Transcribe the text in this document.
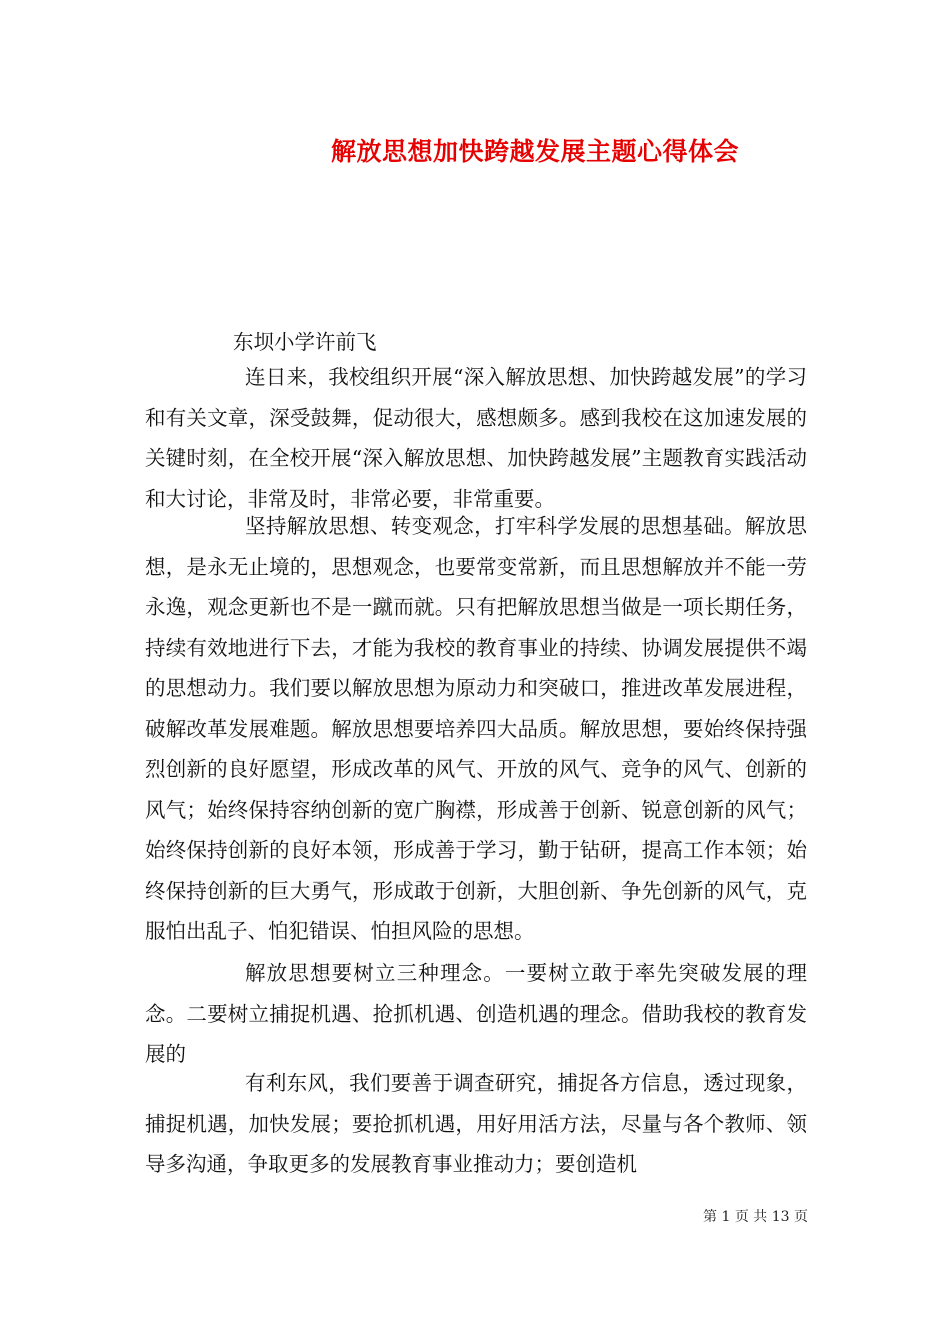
解放思想加快跨越发展主题心得体会
东坝小学许前飞
连日来，我校组织开展“深入解放思想、加快跨越发展”的学习和有关文章，深受鼓舞，促动很大，感想颇多。感到我校在这加速发展的关键时刻，在全校开展“深入解放思想、加快跨越发展”主题教育实践活动和大讨论，非常及时，非常必要，非常重要。
坚持解放思想、转变观念，打牢科学发展的思想基础。解放思想，是永无止境的，思想观念，也要常变常新，而且思想解放并不能一劳永逸，观念更新也不是一蹴而就。只有把解放思想当做是一项长期任务，持续有效地进行下去，才能为我校的教育事业的持续、协调发展提供不竭的思想动力。我们要以解放思想为原动力和突破口，推进改革发展进程，破解改革发展难题。解放思想要培养四大品质。解放思想，要始终保持强烈创新的良好愿望，形成改革的风气、开放的风气、竞争的风气、创新的风气；始终保持容纳创新的宽广胸襟，形成善于创新、锐意创新的风气；始终保持创新的良好本领，形成善于学习，勤于钻研，提高工作本领；始终保持创新的巨大勇气，形成敢于创新，大胆创新、争先创新的风气，克服怕出乱子、怕犯错误、怕担风险的思想。
解放思想要树立三种理念。一要树立敢于率先突破发展的理念。二要树立捕捉机遇、抢抓机遇、创造机遇的理念。借助我校的教育发展的
有利东风，我们要善于调查研究，捕捉各方信息，透过现象，捕捉机遇，加快发展；要抢抓机遇，用好用活方法，尽量与各个教师、领导多沟通，争取更多的发展教育事业推动力；要创造机
第 1 页 共 13 页
